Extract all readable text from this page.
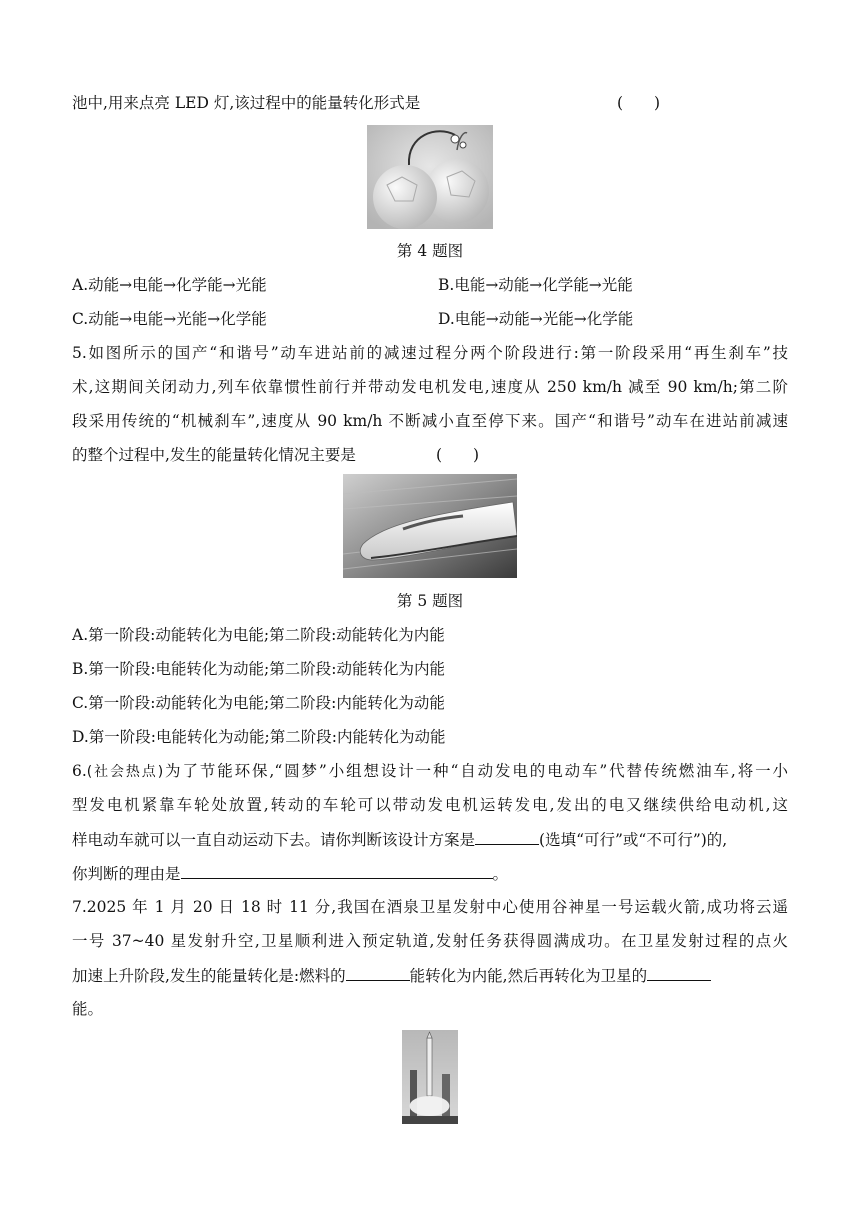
池中,用来点亮 LED 灯,该过程中的能量转化形式是	(　　)
第 4 题图
A.动能→电能→化学能→光能	B.电能→动能→化学能→光能
C.动能→电能→光能→化学能	D.电能→动能→光能→化学能
5.如图所示的国产“和谐号”动车进站前的减速过程分两个阶段进行:第一阶段采用“再生刹车”技
术,这期间关闭动力,列车依靠惯性前行并带动发电机发电,速度从 250 km/h 减至 90 km/h;第二阶
段采用传统的“机械刹车”,速度从 90 km/h 不断减小直至停下来。国产“和谐号”动车在进站前减速
的整个过程中,发生的能量转化情况主要是	(　　)
第 5 题图
A.第一阶段:动能转化为电能;第二阶段:动能转化为内能
B.第一阶段:电能转化为动能;第二阶段:动能转化为内能
C.第一阶段:动能转化为电能;第二阶段:内能转化为动能
D.第一阶段:电能转化为动能;第二阶段:内能转化为动能
6.(社会热点)为了节能环保,“圆梦”小组想设计一种“自动发电的电动车”代替传统燃油车,将一小
型发电机紧靠车轮处放置,转动的车轮可以带动发电机运转发电,发出的电又继续供给电动机,这
样电动车就可以一直自动运动下去。请你判断该设计方案是	(选填“可行”或“不可行”)的,
你判断的理由是	。
7.2025 年 1 月 20 日 18 时 11 分,我国在酒泉卫星发射中心使用谷神星一号运载火箭,成功将云遥
一号 37~40 星发射升空,卫星顺利进入预定轨道,发射任务获得圆满成功。在卫星发射过程的点火
加速上升阶段,发生的能量转化是:燃料的	能转化为内能,然后再转化为卫星的
能。
